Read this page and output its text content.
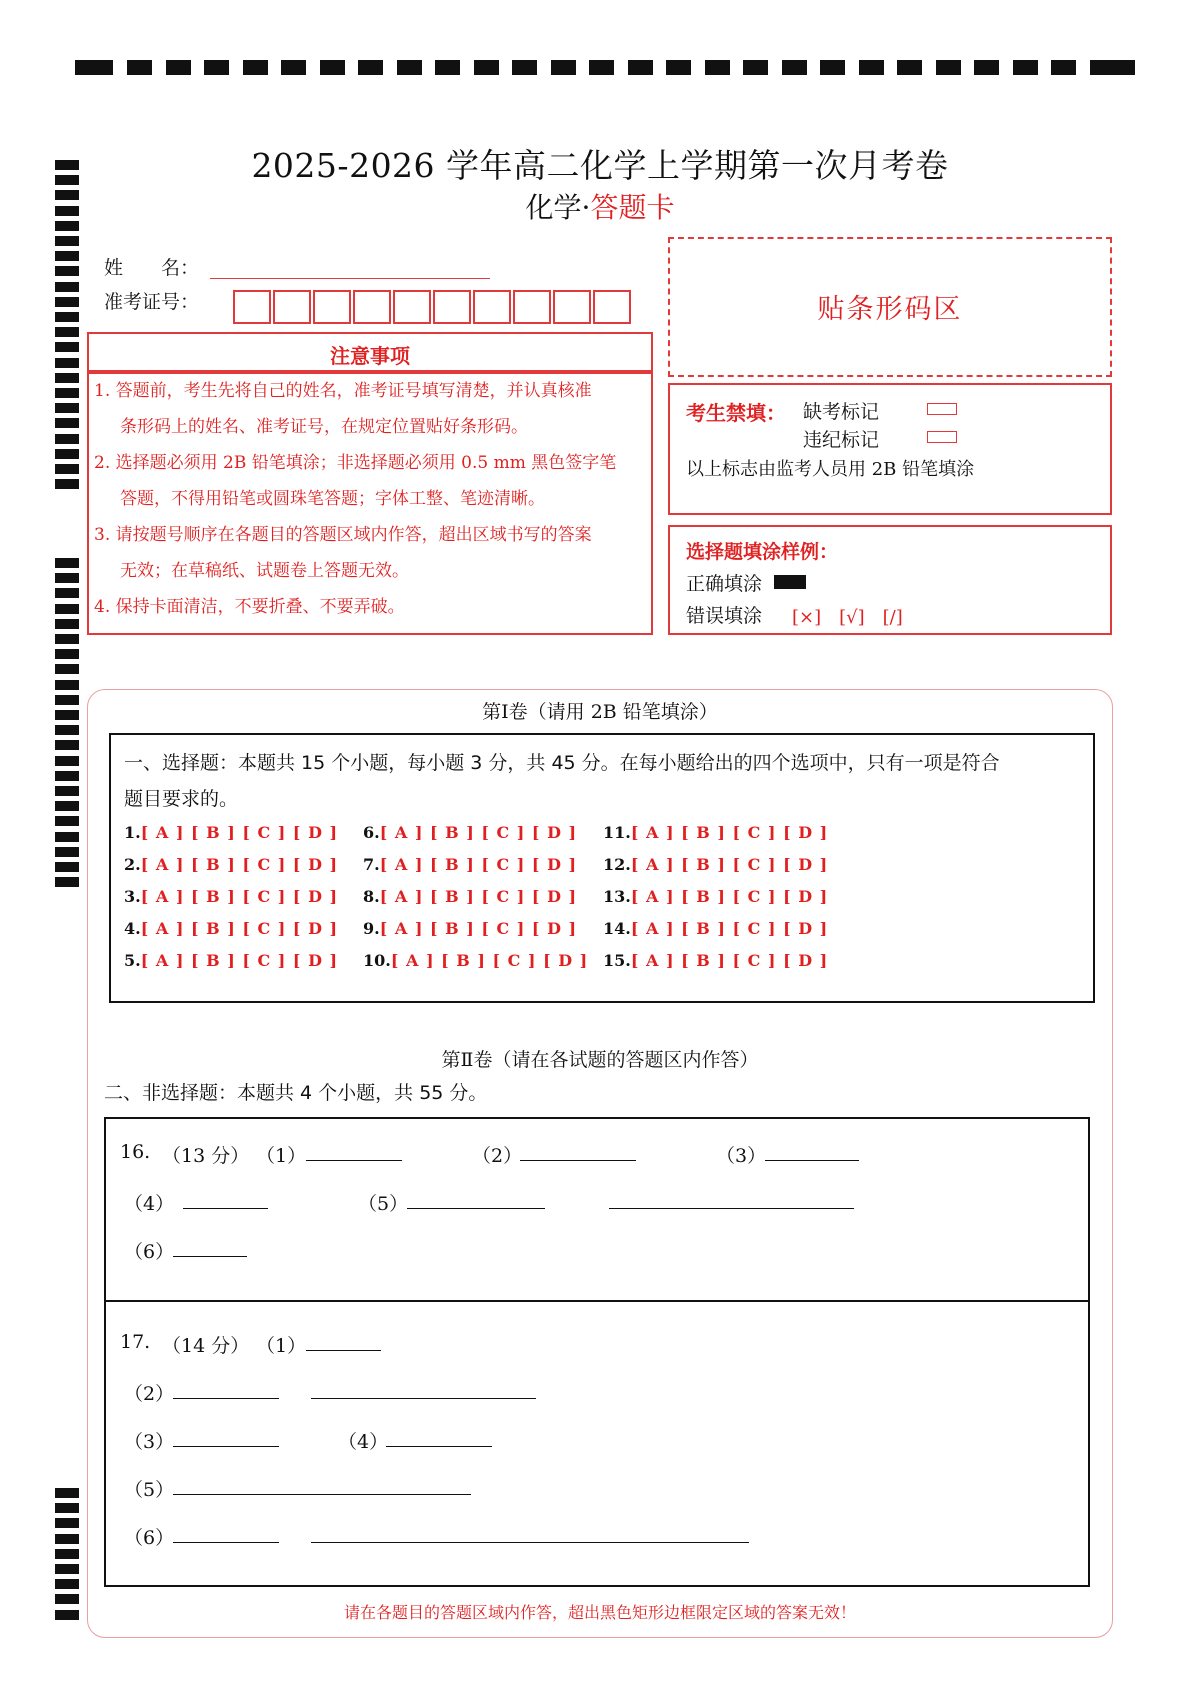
2025-2026 学年高二化学上学期第一次月考卷
化学·答题卡
姓　　名：
准考证号：	贴条形码区
注意事项
1. 答题前，考生先将自己的姓名，准考证号填写清楚，并认真核准
条形码上的姓名、准考证号，在规定位置贴好条形码。
2. 选择题必须用 2B 铅笔填涂；非选择题必须用 0.5 mm 黑色签字笔
答题，不得用铅笔或圆珠笔答题；字体工整、笔迹清晰。
3. 请按题号顺序在各题目的答题区域内作答，超出区域书写的答案
无效；在草稿纸、试题卷上答题无效。
4. 保持卡面清洁，不要折叠、不要弄破。
考生禁填： 缺考标记
违纪标记
以上标志由监考人员用 2B 铅笔填涂
选择题填涂样例：
正确填涂
错误填涂 [×]　[√]　[/]
第Ⅰ卷（请用 2B 铅笔填涂）
一、选择题：本题共 15 个小题，每小题 3 分，共 45 分。在每小题给出的四个选项中，只有一项是符合
题目要求的。
1.[ A ] [ B ] [ C ] [ D ]
2.[ A ] [ B ] [ C ] [ D ]
3.[ A ] [ B ] [ C ] [ D ]
4.[ A ] [ B ] [ C ] [ D ]
5.[ A ] [ B ] [ C ] [ D ]
6.[ A ] [ B ] [ C ] [ D ]
7.[ A ] [ B ] [ C ] [ D ]
8.[ A ] [ B ] [ C ] [ D ]
9.[ A ] [ B ] [ C ] [ D ]
10.[ A ] [ B ] [ C ] [ D ]
11.[ A ] [ B ] [ C ] [ D ]
12.[ A ] [ B ] [ C ] [ D ]
13.[ A ] [ B ] [ C ] [ D ]
14.[ A ] [ B ] [ C ] [ D ]
15.[ A ] [ B ] [ C ] [ D ]
第Ⅱ卷（请在各试题的答题区内作答）
二、非选择题：本题共 4 个小题，共 55 分。
16. （13 分） （1）	（2）	（3）
（4）	（5）
（6）
17. （14 分） （1）
（2）
（3）	（4）
（5）
（6）
请在各题目的答题区域内作答，超出黑色矩形边框限定区域的答案无效！
